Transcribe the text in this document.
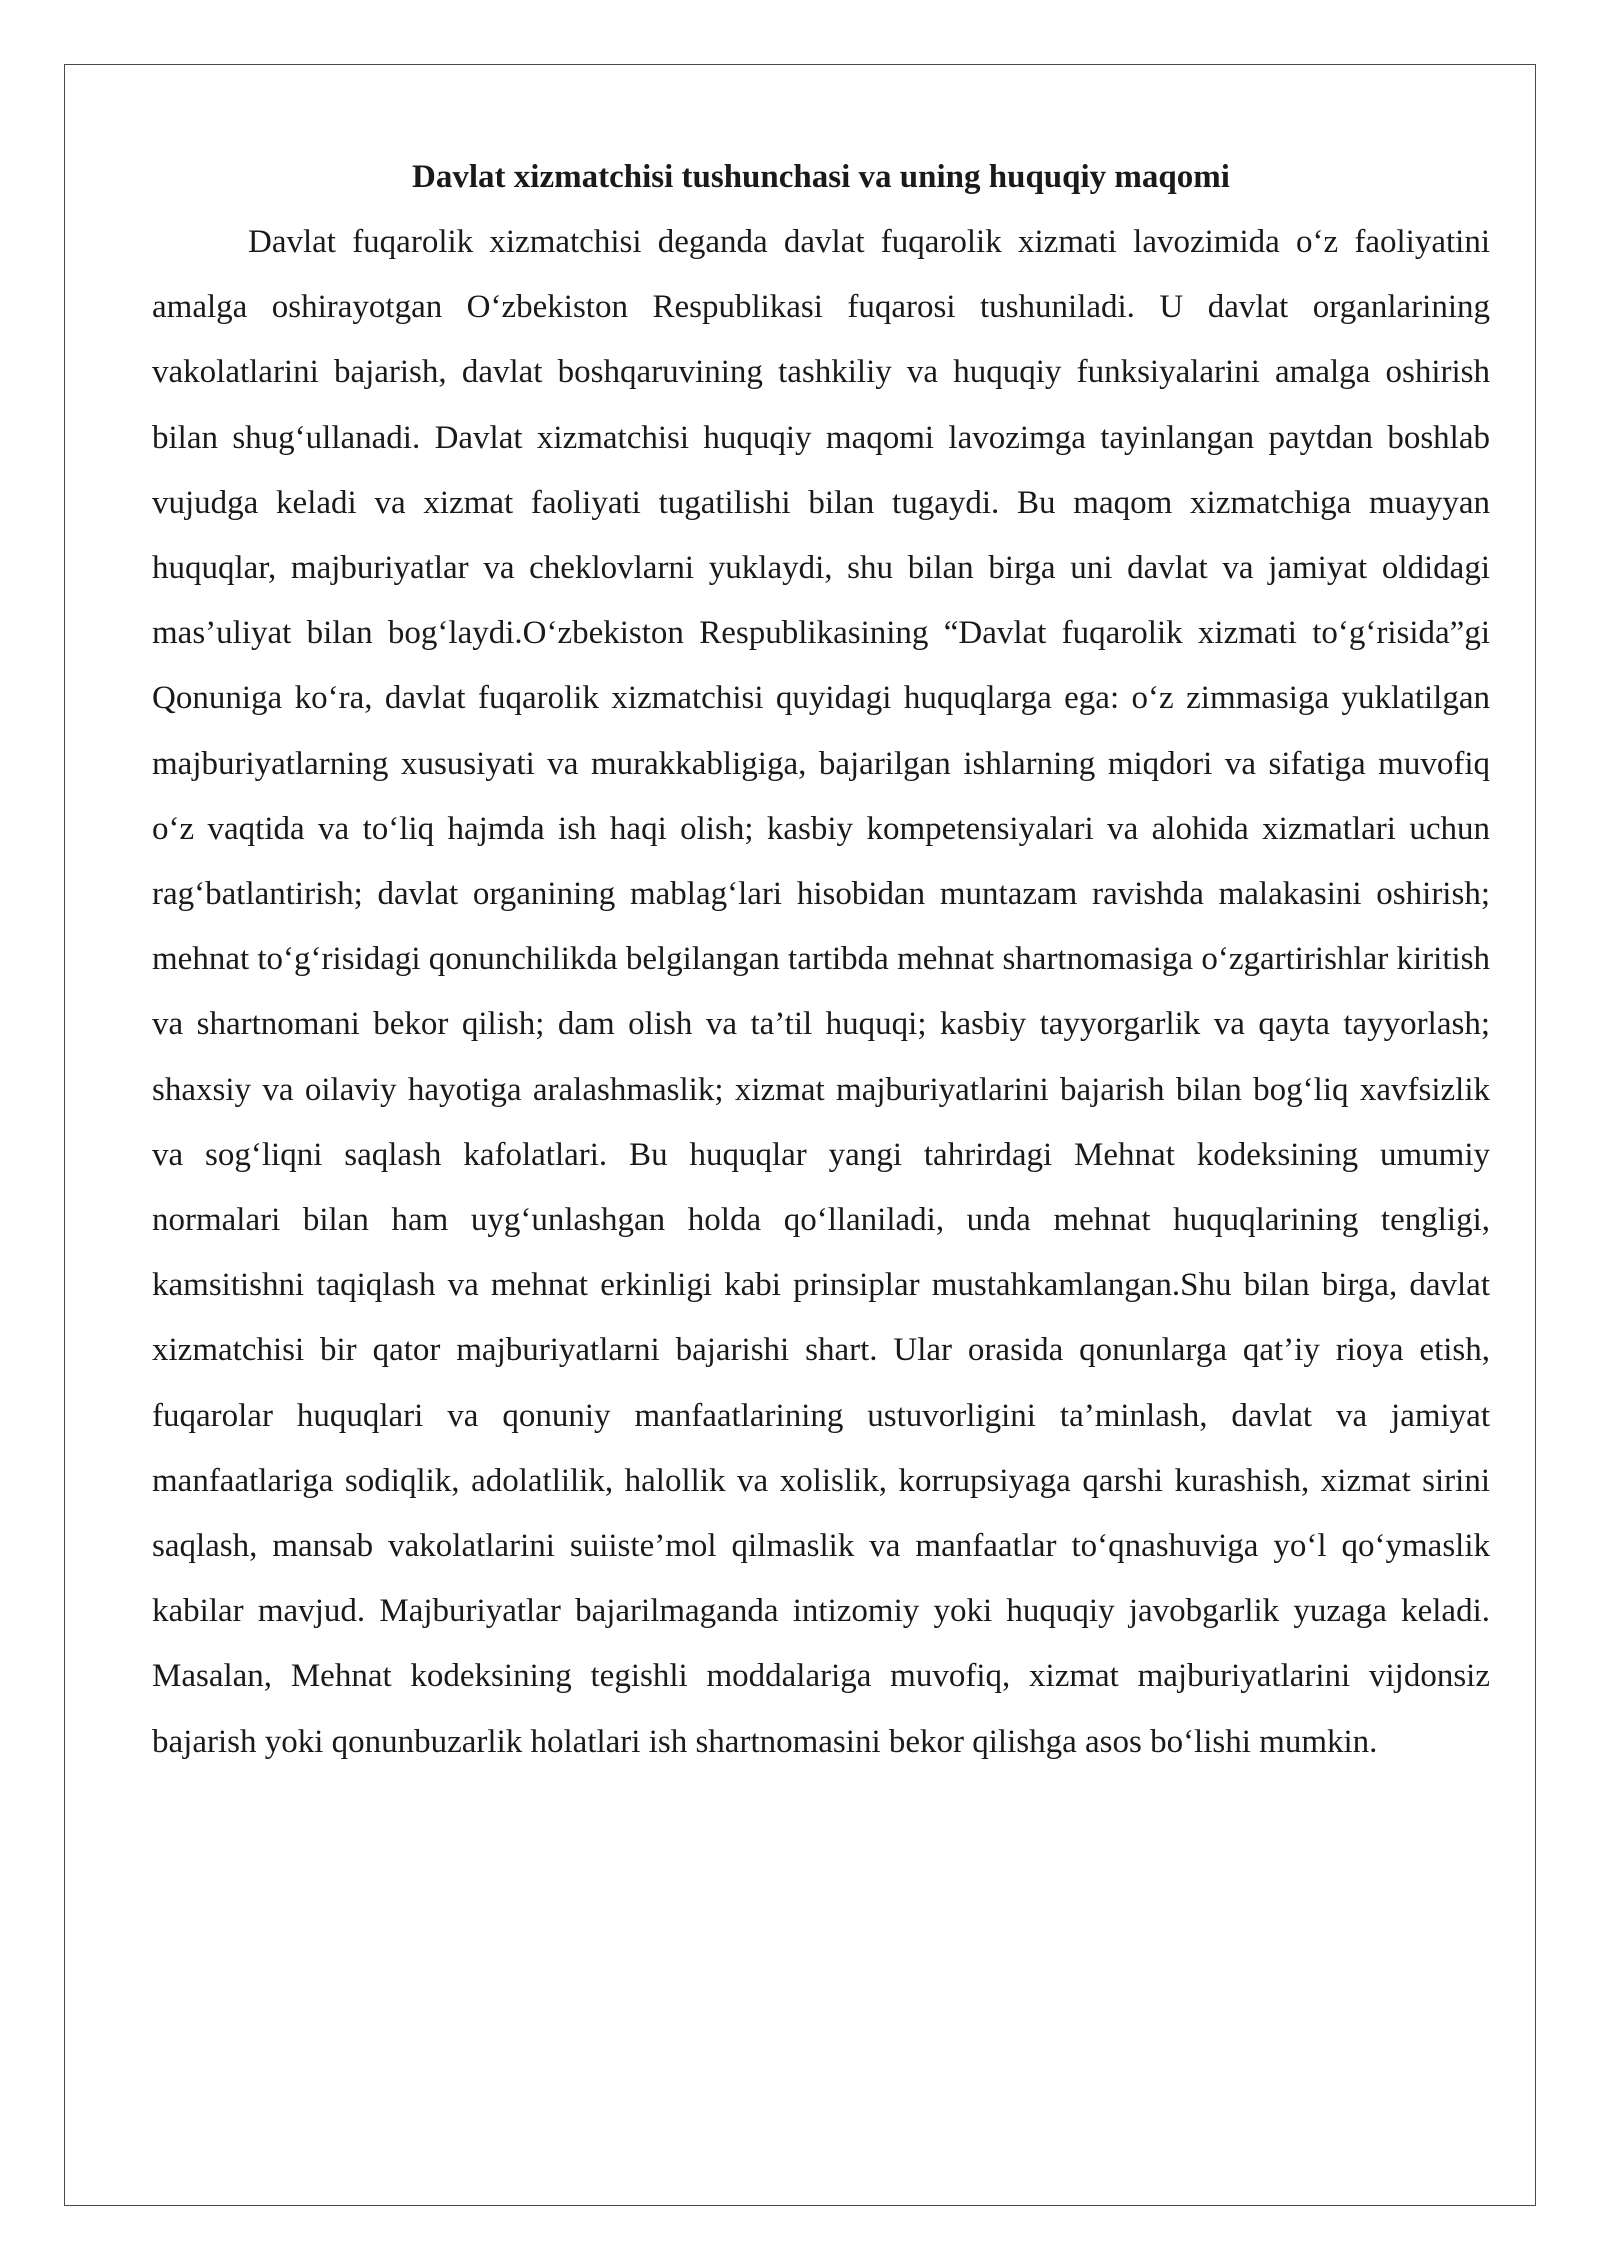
Davlat xizmatchisi tushunchasi va uning huquqiy maqomi

Davlat fuqarolik xizmatchisi deganda davlat fuqarolik xizmati lavozimida o‘z faoliyatini amalga oshirayotgan O‘zbekiston Respublikasi fuqarosi tushuniladi. U davlat organlarining vakolatlarini bajarish, davlat boshqaruvining tashkiliy va huquqiy funksiyalarini amalga oshirish bilan shug‘ullanadi. Davlat xizmatchisi huquqiy maqomi lavozimga tayinlangan paytdan boshlab vujudga keladi va xizmat faoliyati tugatilishi bilan tugaydi. Bu maqom xizmatchiga muayyan huquqlar, majburiyatlar va cheklovlarni yuklaydi, shu bilan birga uni davlat va jamiyat oldidagi mas’uliyat bilan bog‘laydi.O‘zbekiston Respublikasining “Davlat fuqarolik xizmati to‘g‘risida”gi Qonuniga ko‘ra, davlat fuqarolik xizmatchisi quyidagi huquqlarga ega: o‘z zimmasiga yuklatilgan majburiyatlarning xususiyati va murakkabligiga, bajarilgan ishlarning miqdori va sifatiga muvofiq o‘z vaqtida va to‘liq hajmda ish haqi olish; kasbiy kompetensiyalari va alohida xizmatlari uchun rag‘batlantirish; davlat organining mablag‘lari hisobidan muntazam ravishda malakasini oshirish; mehnat to‘g‘risidagi qonunchilikda belgilangan tartibda mehnat shartnomasiga o‘zgartirishlar kiritish va shartnomani bekor qilish; dam olish va ta’til huquqi; kasbiy tayyorgarlik va qayta tayyorlash; shaxsiy va oilaviy hayotiga aralashmaslik; xizmat majburiyatlarini bajarish bilan bog‘liq xavfsizlik va sog‘liqni saqlash kafolatlari. Bu huquqlar yangi tahrirdagi Mehnat kodeksining umumiy normalari bilan ham uyg‘unlashgan holda qo‘llaniladi, unda mehnat huquqlarining tengligi, kamsitishni taqiqlash va mehnat erkinligi kabi prinsiplar mustahkamlangan.Shu bilan birga, davlat xizmatchisi bir qator majburiyatlarni bajarishi shart. Ular orasida qonunlarga qat’iy rioya etish, fuqarolar huquqlari va qonuniy manfaatlarining ustuvorligini ta’minlash, davlat va jamiyat manfaatlariga sodiqlik, adolatlilik, halollik va xolislik, korrupsiyaga qarshi kurashish, xizmat sirini saqlash, mansab vakolatlarini suiiste’mol qilmaslik va manfaatlar to‘qnashuviga yo‘l qo‘ymaslik kabilar mavjud. Majburiyatlar bajarilmaganda intizomiy yoki huquqiy javobgarlik yuzaga keladi. Masalan, Mehnat kodeksining tegishli moddalariga muvofiq, xizmat majburiyatlarini vijdonsiz bajarish yoki qonunbuzarlik holatlari ish shartnomasini bekor qilishga asos bo‘lishi mumkin.
